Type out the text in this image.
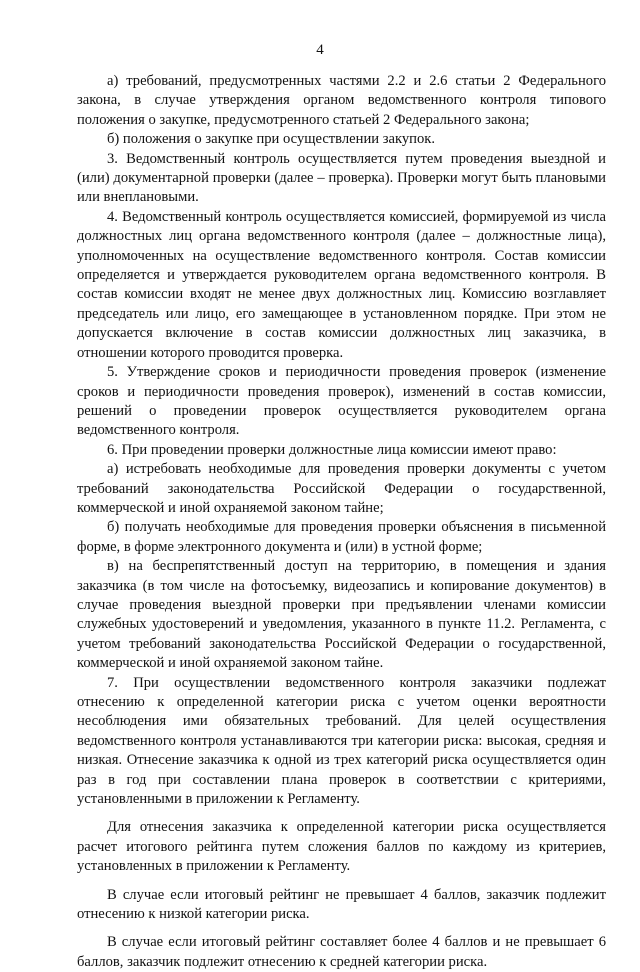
4

а) требований, предусмотренных частями 2.2 и 2.6 статьи 2 Федерального закона, в случае утверждения органом ведомственного контроля типового положения о закупке, предусмотренного статьей 2 Федерального закона;

б) положения о закупке при осуществлении закупок.

3. Ведомственный контроль осуществляется путем проведения выездной и (или) документарной проверки (далее – проверка). Проверки могут быть плановыми или внеплановыми.

4. Ведомственный контроль осуществляется комиссией, формируемой из числа должностных лиц органа ведомственного контроля (далее – должностные лица), уполномоченных на осуществление ведомственного контроля. Состав комиссии определяется и утверждается руководителем органа ведомственного контроля. В состав комиссии входят не менее двух должностных лиц. Комиссию возглавляет председатель или лицо, его замещающее в установленном порядке. При этом не допускается включение в состав комиссии должностных лиц заказчика, в отношении которого проводится проверка.

5. Утверждение сроков и периодичности проведения проверок (изменение сроков и периодичности проведения проверок), изменений в состав комиссии, решений о проведении проверок осуществляется руководителем органа ведомственного контроля.

6. При проведении проверки должностные лица комиссии имеют право:

а) истребовать необходимые для проведения проверки документы с учетом требований законодательства Российской Федерации о государственной, коммерческой и иной охраняемой законом тайне;

б) получать необходимые для проведения проверки объяснения в письменной форме, в форме электронного документа и (или) в устной форме;

в) на беспрепятственный доступ на территорию, в помещения и здания заказчика (в том числе на фотосъемку, видеозапись и копирование документов) в случае проведения выездной проверки при предъявлении членами комиссии служебных удостоверений и уведомления, указанного в пункте 11.2. Регламента, с учетом требований законодательства Российской Федерации о государственной, коммерческой и иной охраняемой законом тайне.

7. При осуществлении ведомственного контроля заказчики подлежат отнесению к определенной категории риска с учетом оценки вероятности несоблюдения ими обязательных требований. Для целей осуществления ведомственного контроля устанавливаются три категории риска: высокая, средняя и низкая. Отнесение заказчика к одной из трех категорий риска осуществляется один раз в год при составлении плана проверок в соответствии с критериями, установленными в приложении к Регламенту.

Для отнесения заказчика к определенной категории риска осуществляется расчет итогового рейтинга путем сложения баллов по каждому из критериев, установленных в приложении к Регламенту.

В случае если итоговый рейтинг не превышает 4 баллов, заказчик подлежит отнесению к низкой категории риска.

В случае если итоговый рейтинг составляет более 4 баллов и не превышает 6 баллов, заказчик подлежит отнесению к средней категории риска.
